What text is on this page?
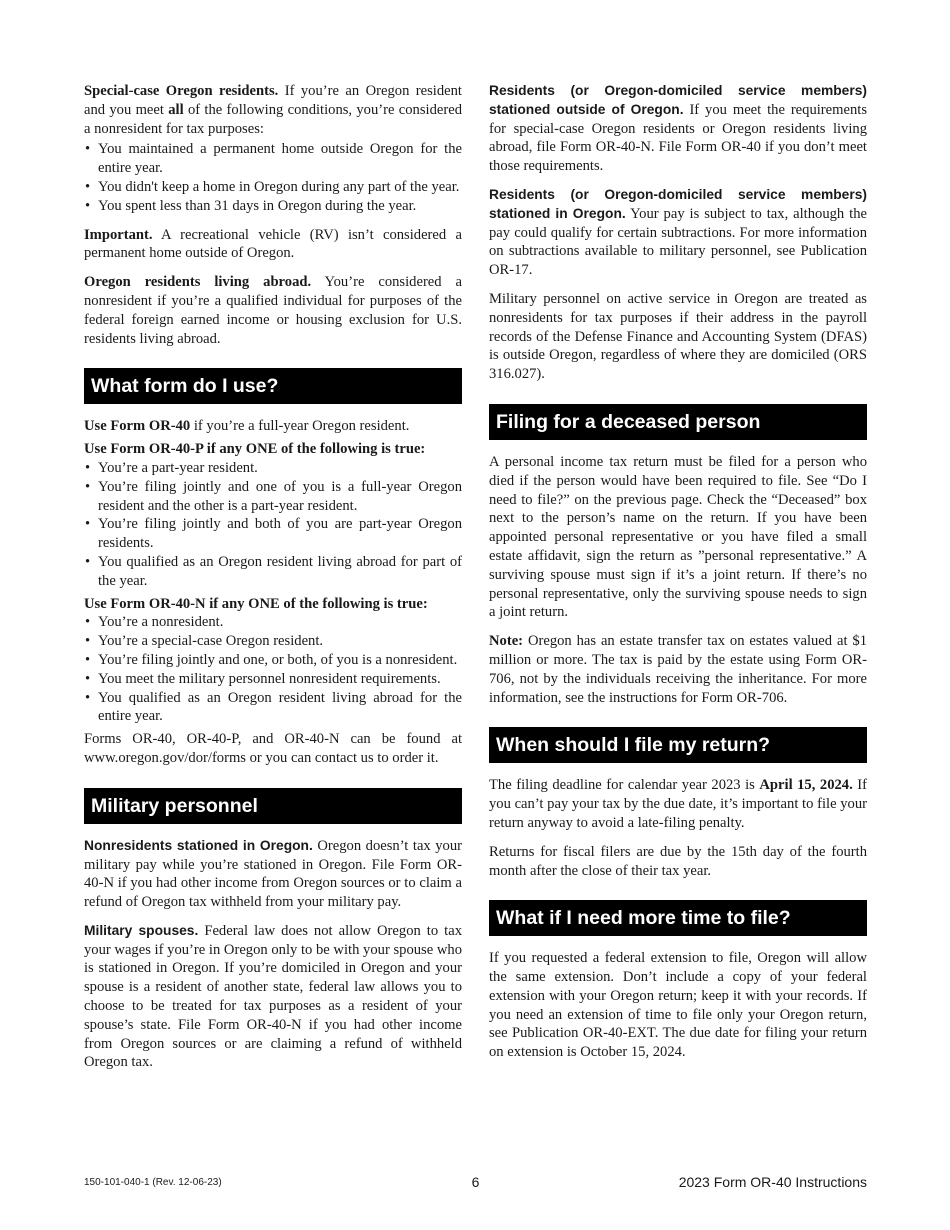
Special-case Oregon residents. If you’re an Oregon resident and you meet all of the following conditions, you’re considered a nonresident for tax purposes:

• You maintained a permanent home outside Oregon for the entire year.
• You didn't keep a home in Oregon during any part of the year.
• You spent less than 31 days in Oregon during the year.

Important. A recreational vehicle (RV) isn’t considered a permanent home outside of Oregon.

Oregon residents living abroad. You’re considered a nonresident if you’re a qualified individual for purposes of the federal foreign earned income or housing exclusion for U.S. residents living abroad.

What form do I use?

Use Form OR-40 if you’re a full-year Oregon resident.

Use Form OR-40-P if any ONE of the following is true:

• You’re a part-year resident.
• You’re filing jointly and one of you is a full-year Oregon resident and the other is a part-year resident.
• You’re filing jointly and both of you are part-year Oregon residents.
• You qualified as an Oregon resident living abroad for part of the year.

Use Form OR-40-N if any ONE of the following is true:

• You’re a nonresident.
• You’re a special-case Oregon resident.
• You’re filing jointly and one, or both, of you is a nonresident.
• You meet the military personnel nonresident requirements.
• You qualified as an Oregon resident living abroad for the entire year.

Forms OR-40, OR-40-P, and OR-40-N can be found at www.oregon.gov/dor/forms or you can contact us to order it.

Military personnel

Nonresidents stationed in Oregon. Oregon doesn’t tax your military pay while you’re stationed in Oregon. File Form OR-40-N if you had other income from Oregon sources or to claim a refund of Oregon tax withheld from your military pay.

Military spouses. Federal law does not allow Oregon to tax your wages if you’re in Oregon only to be with your spouse who is stationed in Oregon. If you’re domiciled in Oregon and your spouse is a resident of another state, federal law allows you to choose to be treated for tax purposes as a resident of your spouse’s state. File Form OR-40-N if you had other income from Oregon sources or are claiming a refund of withheld Oregon tax.

Residents (or Oregon-domiciled service members) stationed outside of Oregon. If you meet the requirements for special-case Oregon residents or Oregon residents living abroad, file Form OR-40-N. File Form OR-40 if you don’t meet those requirements.

Residents (or Oregon-domiciled service members) stationed in Oregon. Your pay is subject to tax, although the pay could qualify for certain subtractions. For more information on subtractions available to military personnel, see Publication OR-17.

Military personnel on active service in Oregon are treated as nonresidents for tax purposes if their address in the payroll records of the Defense Finance and Accounting System (DFAS) is outside Oregon, regardless of where they are domiciled (ORS 316.027).

Filing for a deceased person

A personal income tax return must be filed for a person who died if the person would have been required to file. See “Do I need to file?” on the previous page. Check the “Deceased” box next to the person’s name on the return. If you have been appointed personal representative or you have filed a small estate affidavit, sign the return as ”personal representative.” A surviving spouse must sign if it’s a joint return. If there’s no personal representative, only the surviving spouse needs to sign a joint return.

Note: Oregon has an estate transfer tax on estates valued at $1 million or more. The tax is paid by the estate using Form OR-706, not by the individuals receiving the inheritance. For more information, see the instructions for Form OR-706.

When should I file my return?

The filing deadline for calendar year 2023 is April 15, 2024. If you can’t pay your tax by the due date, it’s important to file your return anyway to avoid a late-filing penalty.

Returns for fiscal filers are due by the 15th day of the fourth month after the close of their tax year.

What if I need more time to file?

If you requested a federal extension to file, Oregon will allow the same extension. Don’t include a copy of your federal extension with your Oregon return; keep it with your records. If you need an extension of time to file only your Oregon return, see Publication OR-40-EXT. The due date for filing your return on extension is October 15, 2024.

150-101-040-1 (Rev. 12-06-23)	6	2023 Form OR-40 Instructions
